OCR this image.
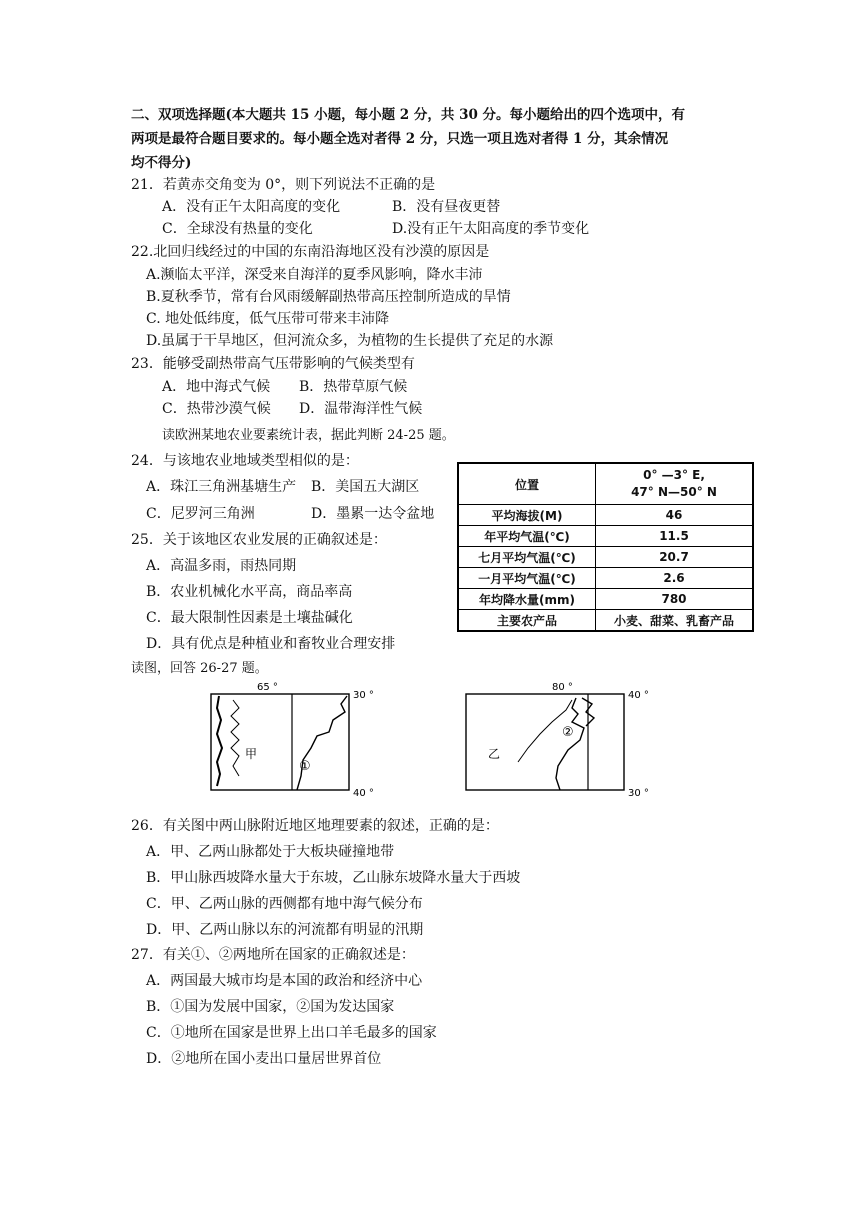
二、双项选择题(本大题共 15 小题，每小题 2 分，共 30 分。每小题给出的四个选项中，有
两项是最符合题目要求的。每小题全选对者得 2 分，只选一项且选对者得 1 分，其余情况
均不得分)
21．若黄赤交角变为 0°，则下列说法不正确的是
A．没有正午太阳高度的变化	B．没有昼夜更替
C．全球没有热量的变化	D.没有正午太阳高度的季节变化
22.北回归线经过的中国的东南沿海地区没有沙漠的原因是
A.濒临太平洋，深受来自海洋的夏季风影响，降水丰沛
B.夏秋季节，常有台风雨缓解副热带高压控制所造成的旱情
C. 地处低纬度，低气压带可带来丰沛降
D.虽属于干旱地区，但河流众多，为植物的生长提供了充足的水源
23．能够受副热带高气压带影响的气候类型有
A．地中海式气候 B．热带草原气候
C．热带沙漠气候 D．温带海洋性气候
读欧洲某地农业要素统计表，据此判断 24-25 题。
24．与该地农业地域类型相似的是：
A．珠江三角洲基塘生产 B．美国五大湖区
C．尼罗河三角洲	D．墨累一达令盆地
25．关于该地区农业发展的正确叙述是：
A．高温多雨，雨热同期
B．农业机械化水平高，商品率高
C．最大限制性因素是土壤盐碱化
D．具有优点是种植业和畜牧业合理安排
位置	0° —3° E,
47° N—50° N

平均海拔(M)	46
年平均气温(℃)	11.5
七月平均气温(℃)	20.7
一月平均气温(℃)	2.6
年均降水量(mm)	780
主要农产品	小麦、甜菜、乳畜产品
读图，回答 26-27 题。
65 °
30 °
40 °
甲
①
80 °
40 °
30 °
乙
②
26．有关图中两山脉附近地区地理要素的叙述，正确的是：
A．甲、乙两山脉都处于大板块碰撞地带
B．甲山脉西坡降水量大于东坡，乙山脉东坡降水量大于西坡
C．甲、乙两山脉的西侧都有地中海气候分布
D．甲、乙两山脉以东的河流都有明显的汛期
27．有关①、②两地所在国家的正确叙述是：
A．两国最大城市均是本国的政治和经济中心
B．①国为发展中国家，②国为发达国家
C．①地所在国家是世界上出口羊毛最多的国家
D．②地所在国小麦出口量居世界首位
